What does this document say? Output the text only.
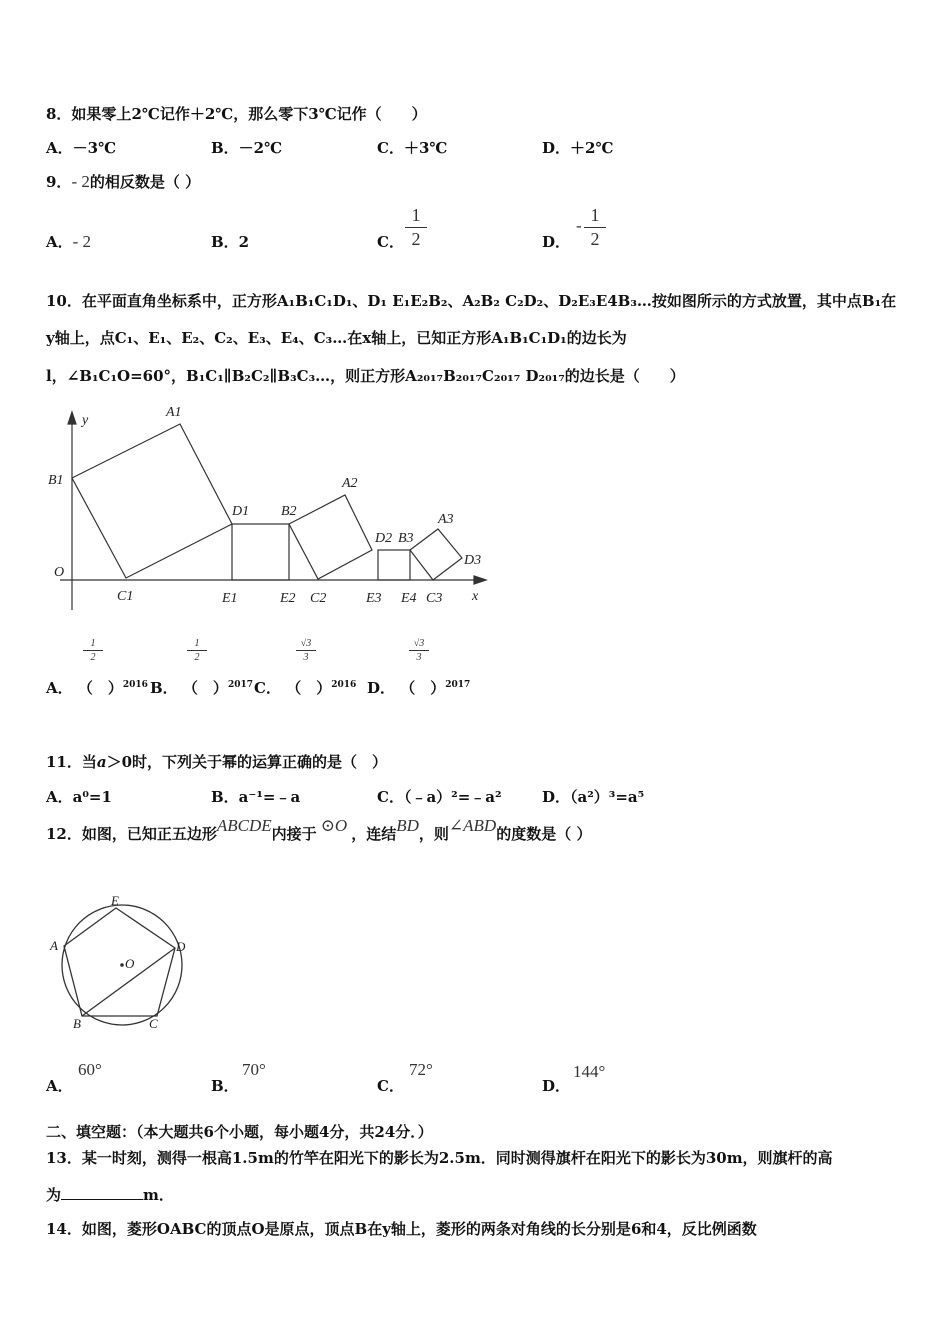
8．如果零上2℃记作＋2℃，那么零下3℃记作（　　）
A．－3℃	B．－2℃	C．＋3℃	D．＋2℃
9．- 2的相反数是（ ）
A．- 2	B．2	C．
1
2	D．
-
1
2
10．在平面直角坐标系中，正方形A₁B₁C₁D₁、D₁ E₁E₂B₂、A₂B₂ C₂D₂、D₂E₃E4B₃…按如图所示的方式放置，其中点B₁在
y轴上，点C₁、E₁、E₂、C₂、E₃、E₄、C₃…在x轴上，已知正方形A₁B₁C₁D₁的边长为
l，∠B₁C₁O=60°，B₁C₁∥B₂C₂∥B₃C₃…，则正方形A₂₀₁₇B₂₀₁₇C₂₀₁₇ D₂₀₁₇的边长是（　　）
y
x
O
A1
B1
C1
D1
E1	E2
B2
A2
C2
D2 B3
E3 E4 C3
A3
D3
A． （　）$^{2016}$
1
2
B． （　）$^{2017}$
1
2
C． （　）$^{2016}$
√3
3
D． （　）$^{2017}$
√3
3
11．当a＞0时，下列关于幂的运算正确的是（　）
A．a⁰=1	B．a⁻¹=﹣a	C．（﹣a）²=﹣a²	D．（a²）³=a⁵
12．如图，已知正五边形ABCDE内接于 ⊙O ，连结BD，则∠ABD的度数是（ ）
E
A	D
O
B	C
A．
60°
B．
70°
C．
72°
D．
144°
二、填空题：（本大题共6个小题，每小题4分，共24分．）
13．某一时刻，测得一根高1.5m的竹竿在阳光下的影长为2.5m．同时测得旗杆在阳光下的影长为30m，则旗杆的高
为	m．
14．如图，菱形OABC的顶点O是原点，顶点B在y轴上，菱形的两条对角线的长分别是6和4，反比例函数
